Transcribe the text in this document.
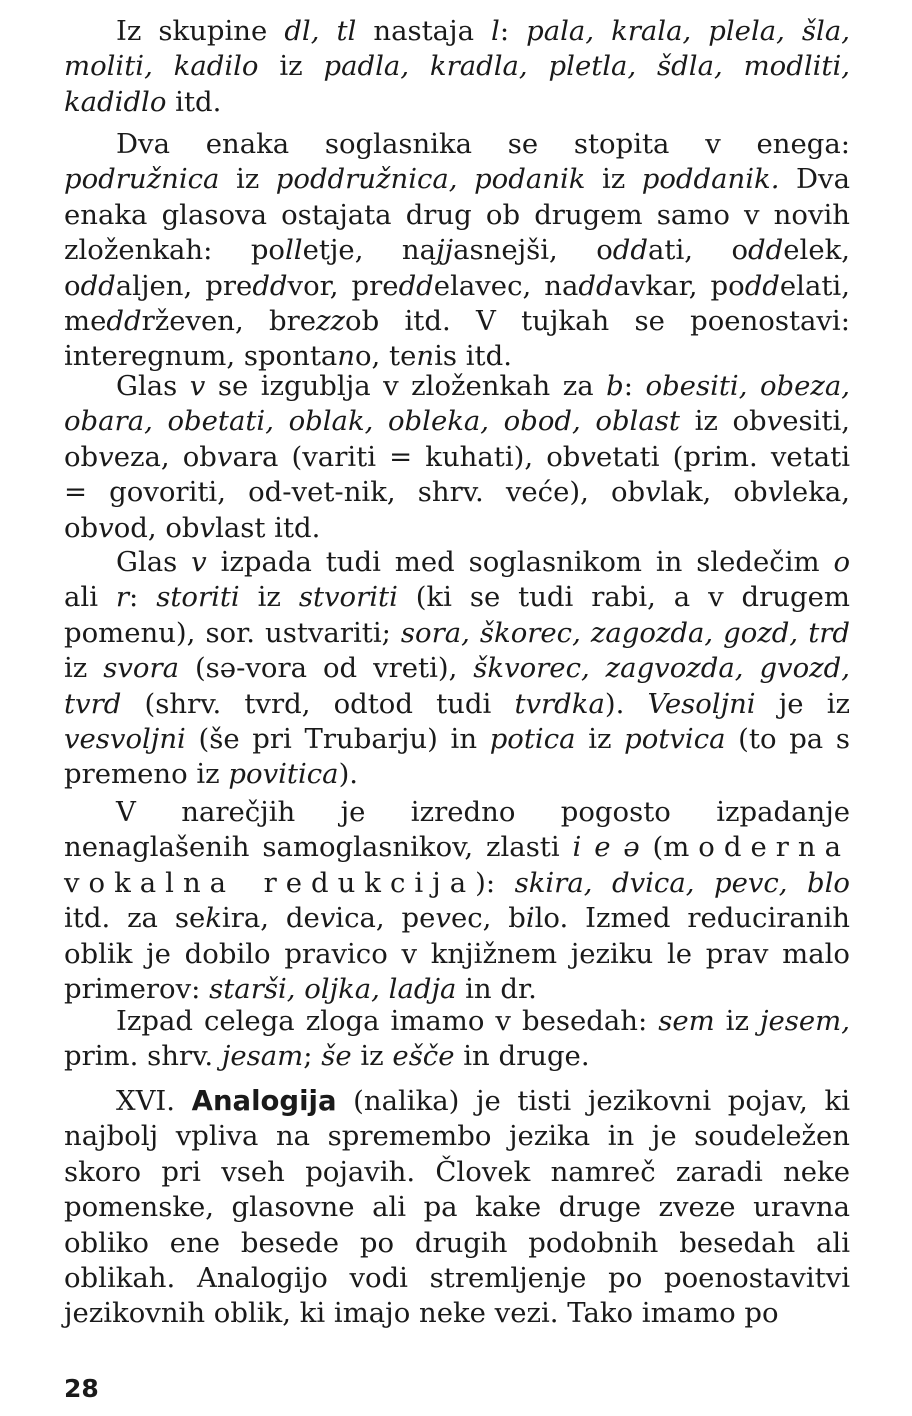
Iz skupine dl, tl nastaja l: pala, krala, plela, šla, moliti, kadilo iz padla, kradla, pletla, šdla, modliti, kadidlo itd.

Dva enaka soglasnika se stopita v enega: podružnica iz poddružnica, podanik iz poddanik. Dva enaka glasova ostajata drug ob drugem samo v novih zloženkah: polletje, najjasnejši, oddati, oddelek, oddaljen, preddvor, preddelavec, naddavkar, poddelati, meddrževen, brezzob itd. V tujkah se poenostavi: interegnum, spontano, tenis itd.

Glas v se izgublja v zloženkah za b: obesiti, obeza, obara, obetati, oblak, obleka, obod, oblast iz obvesiti, obveza, obvara (variti = kuhati), obvetati (prim. vetati = govoriti, od-vet-nik, shrv. veće), obvlak, obvleka, obvod, obvlast itd.

Glas v izpada tudi med soglasnikom in sledečim o ali r: storiti iz stvoriti (ki se tudi rabi, a v drugem pomenu), sor. ustvariti; sora, škorec, zagozda, gozd, trd iz svora (sə-vora od vreti), škvorec, zagvozda, gvozd, tvrd (shrv. tvrd, odtod tudi tvrdka). Vesoljni je iz vesvoljni (še pri Trubarju) in potica iz potvica (to pa s premeno iz povitica).

V narečjih je izredno pogosto izpadanje nenaglašenih samoglasnikov, zlasti i e ə (moderna vokalna redukcija): skira, dvica, pevc, blo itd. za sekira, devica, pevec, bilo. Izmed reduciranih oblik je dobilo pravico v knjižnem jeziku le prav malo primerov: starši, oljka, ladja in dr.

Izpad celega zloga imamo v besedah: sem iz jesem, prim. shrv. jesam; še iz ešče in druge.

XVI. Analogija (nalika) je tisti jezikovni pojav, ki najbolj vpliva na spremembo jezika in je soudeležen skoro pri vseh pojavih. Človek namreč zaradi neke pomenske, glasovne ali pa kake druge zveze uravna obliko ene besede po drugih podobnih besedah ali oblikah. Analogijo vodi stremljenje po poenostavitvi jezikovnih oblik, ki imajo neke vezi. Tako imamo po

28
